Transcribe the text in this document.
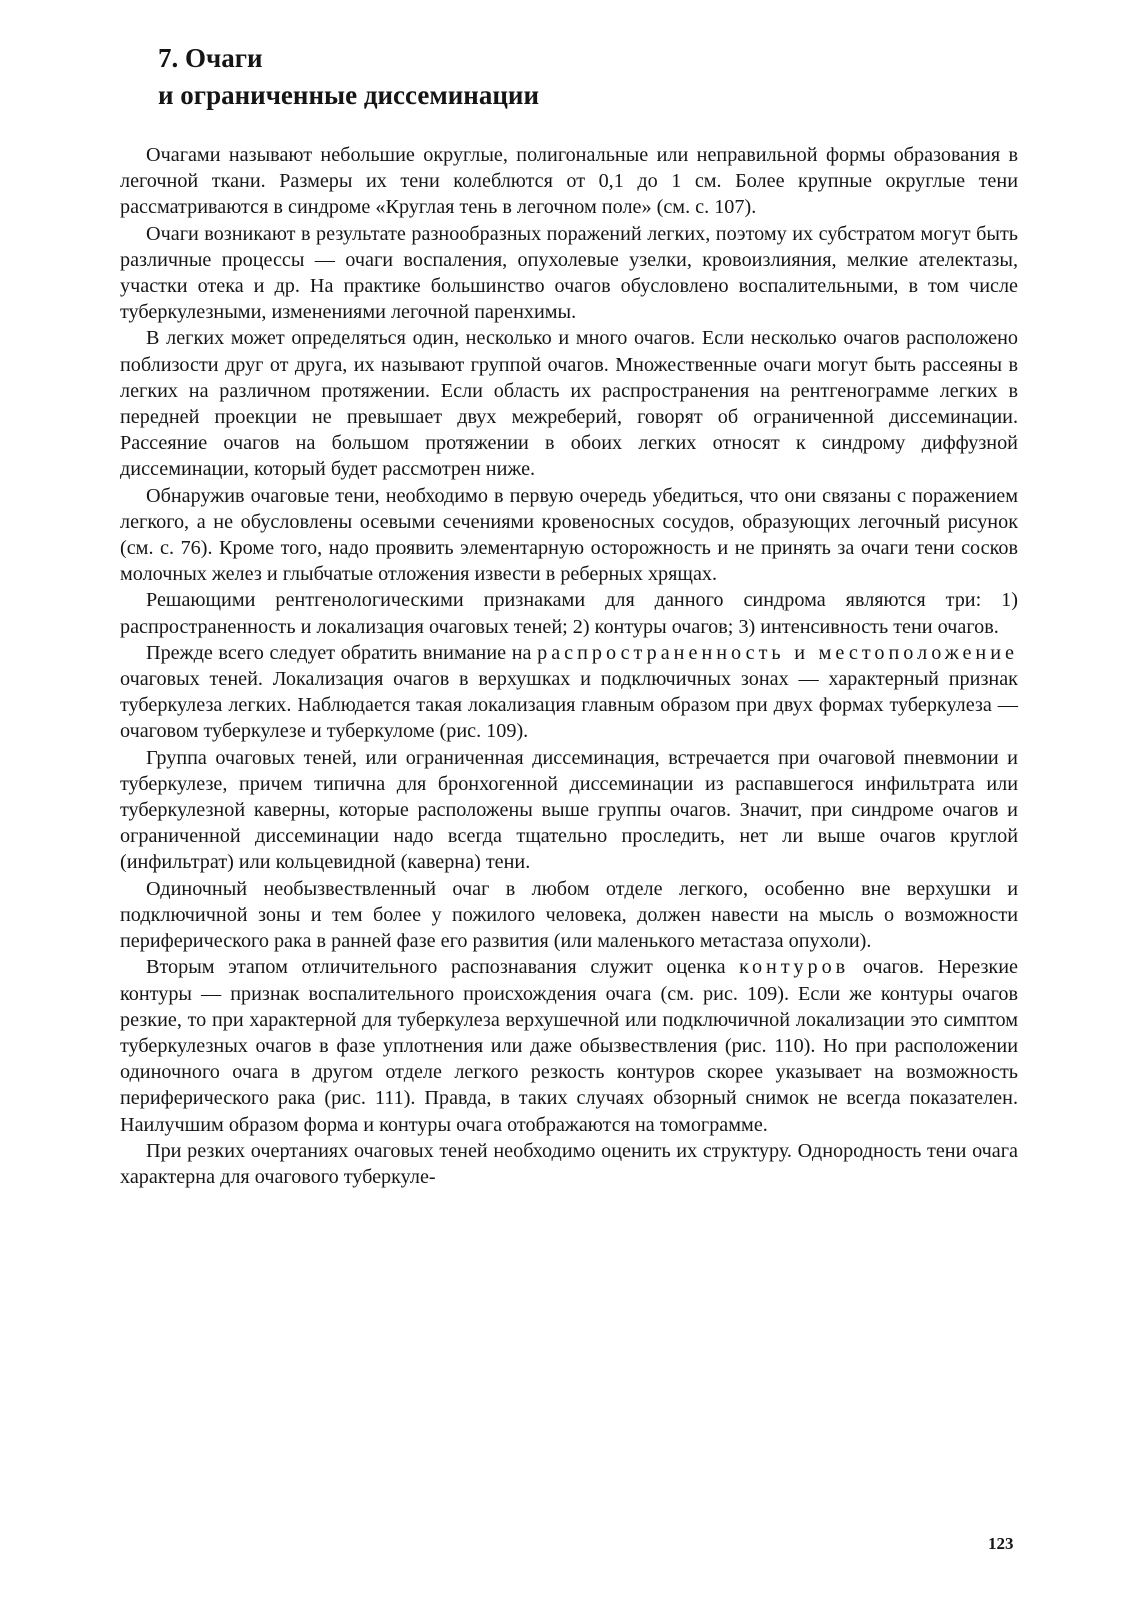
7. Очаги
и ограниченные диссеминации

Очагами называют небольшие округлые, полигональные или неправильной формы образования в легочной ткани. Размеры их тени колеблются от 0,1 до 1 см. Более крупные округлые тени рассматриваются в синдроме «Круглая тень в легочном поле» (см. с. 107).

Очаги возникают в результате разнообразных поражений легких, поэтому их субстратом могут быть различные процессы — очаги воспаления, опухолевые узелки, кровоизлияния, мелкие ателектазы, участки отека и др. На практике большинство очагов обусловлено воспалительными, в том числе туберкулезными, изменениями легочной паренхимы.

В легких может определяться один, несколько и много очагов. Если несколько очагов расположено поблизости друг от друга, их называют группой очагов. Множественные очаги могут быть рассеяны в легких на различном протяжении. Если область их распространения на рентгенограмме легких в передней проекции не превышает двух межреберий, говорят об ограниченной диссеминации. Рассеяние очагов на большом протяжении в обоих легких относят к синдрому диффузной диссеминации, который будет рассмотрен ниже.

Обнаружив очаговые тени, необходимо в первую очередь убедиться, что они связаны с поражением легкого, а не обусловлены осевыми сечениями кровеносных сосудов, образующих легочный рисунок (см. с. 76). Кроме того, надо проявить элементарную осторожность и не принять за очаги тени сосков молочных желез и глыбчатые отложения извести в реберных хрящах.

Решающими рентгенологическими признаками для данного синдрома являются три: 1) распространенность и локализация очаговых теней; 2) контуры очагов; 3) интенсивность тени очагов.

Прежде всего следует обратить внимание на распространенность и местоположение очаговых теней. Локализация очагов в верхушках и подключичных зонах — характерный признак туберкулеза легких. Наблюдается такая локализация главным образом при двух формах туберкулеза — очаговом туберкулезе и туберкуломе (рис. 109).

Группа очаговых теней, или ограниченная диссеминация, встречается при очаговой пневмонии и туберкулезе, причем типична для бронхогенной диссеминации из распавшегося инфильтрата или туберкулезной каверны, которые расположены выше группы очагов. Значит, при синдроме очагов и ограниченной диссеминации надо всегда тщательно проследить, нет ли выше очагов круглой (инфильтрат) или кольцевидной (каверна) тени.

Одиночный необызвествленный очаг в любом отделе легкого, особенно вне верхушки и подключичной зоны и тем более у пожилого человека, должен навести на мысль о возможности периферического рака в ранней фазе его развития (или маленького метастаза опухоли).

Вторым этапом отличительного распознавания служит оценка контуров очагов. Нерезкие контуры — признак воспалительного происхождения очага (см. рис. 109). Если же контуры очагов резкие, то при характерной для туберкулеза верхушечной или подключичной локализации это симптом туберкулезных очагов в фазе уплотнения или даже обызвествления (рис. 110). Но при расположении одиночного очага в другом отделе легкого резкость контуров скорее указывает на возможность периферического рака (рис. 111). Правда, в таких случаях обзорный снимок не всегда показателен. Наилучшим образом форма и контуры очага отображаются на томограмме.

При резких очертаниях очаговых теней необходимо оценить их структуру. Однородность тени очага характерна для очагового туберкуле-

123
